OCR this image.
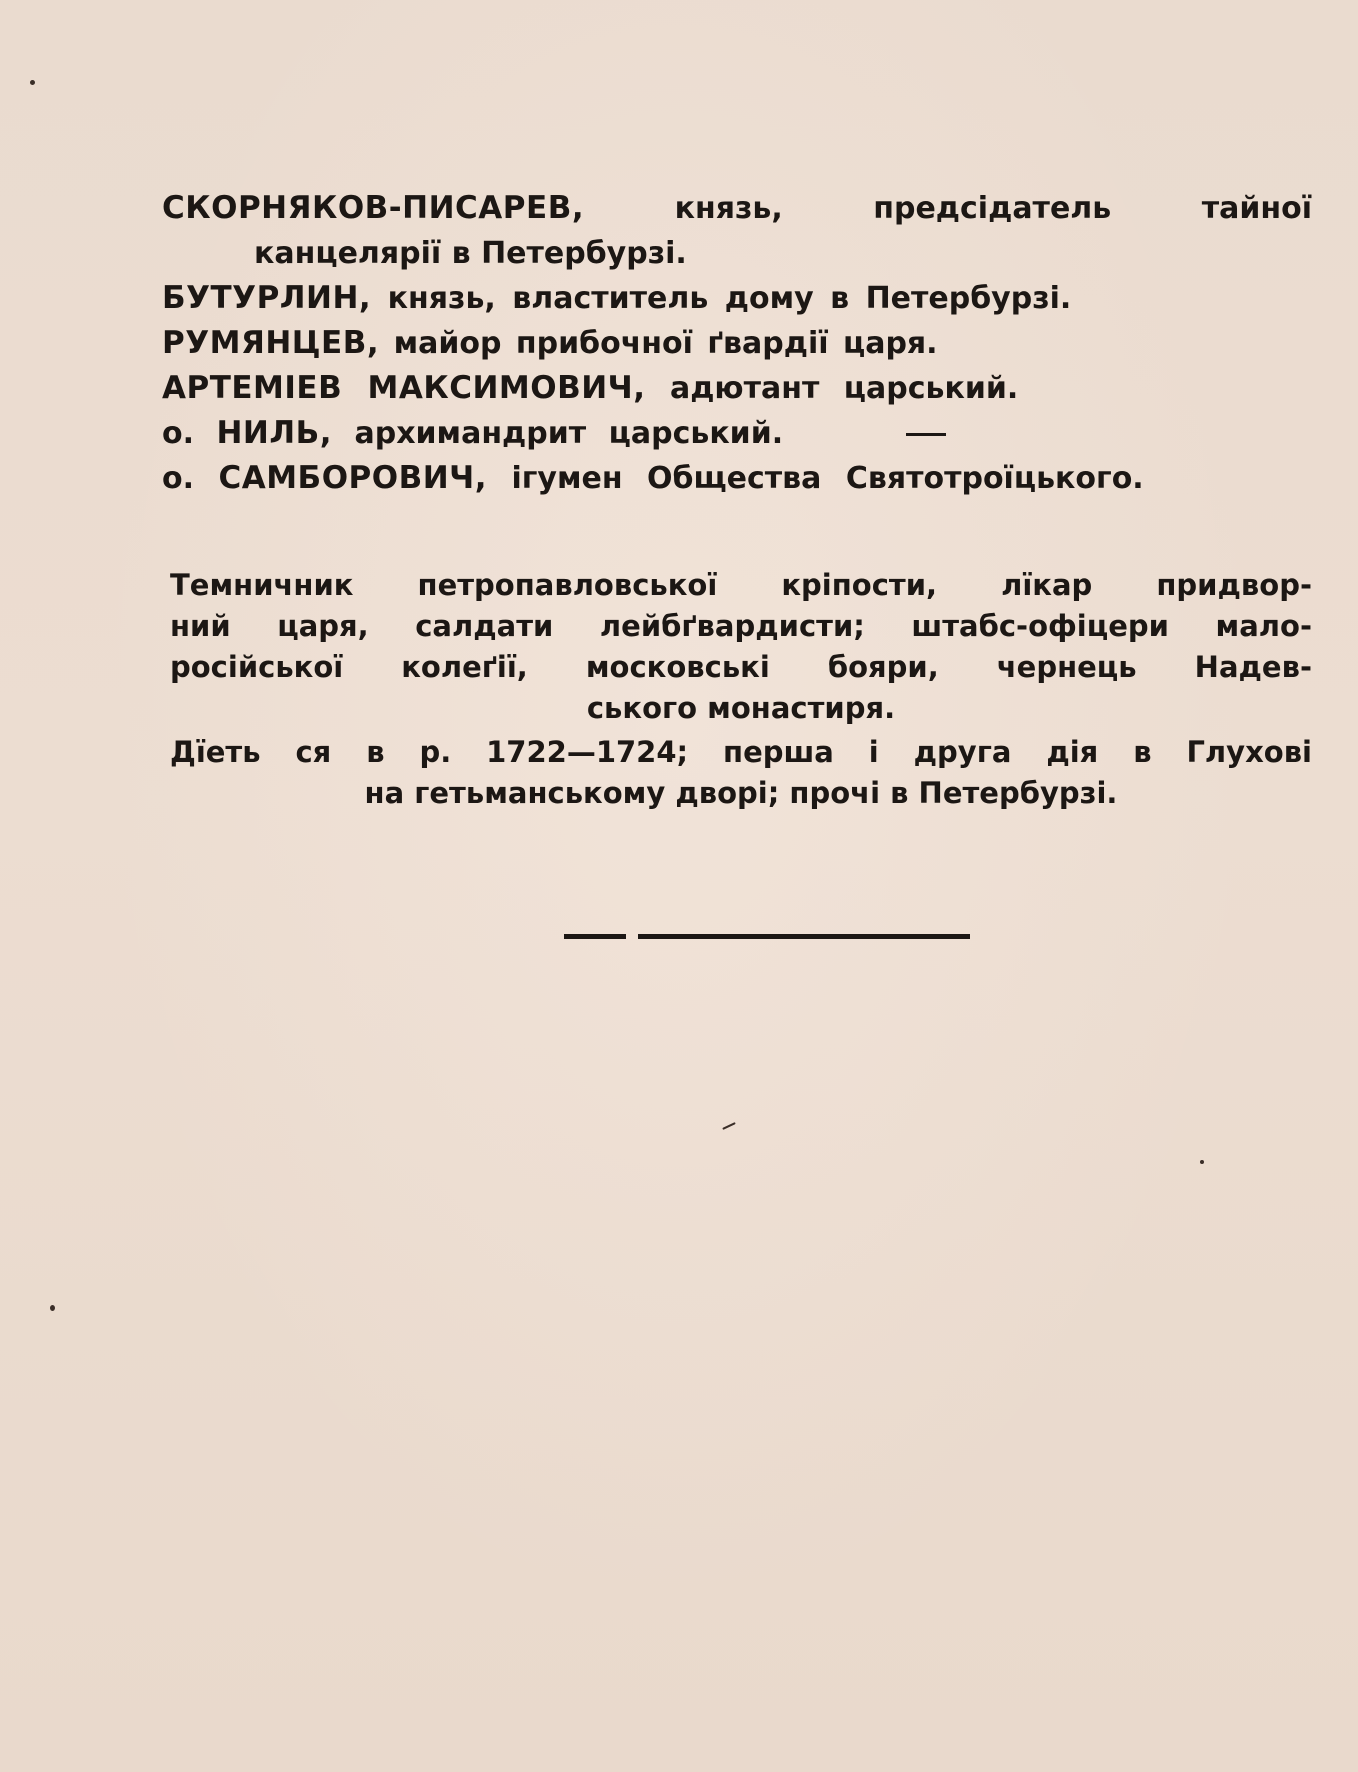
СКОРНЯКОВ-ПИСАРЕВ,	князь, предсідатель тайної

канцелярії в Петербурзі.

БУТУРЛИН, князь, властитель дому в Петербурзі.

РУМЯНЦЕВ, майор прибочної ґвардії царя.

АРТЕМІЕВ МАКСИМОВИЧ, адютант царський.

о. НИЛЬ, архимандрит царський.

о. САМБОРОВИЧ, ігумен Общества Святотроїцького.

Темничник петропавловської кріпости, лїкар придвор-

ний царя, салдати лейбґвардисти; штабс-офіцери мало-

російської колеґії, московські бояри, чернець Надев-

ського монастиря.

Дїеть ся в р. 1722—1724; перша і друга дія в Глухові

на гетьманському дворі; прочі в Петербурзі.
